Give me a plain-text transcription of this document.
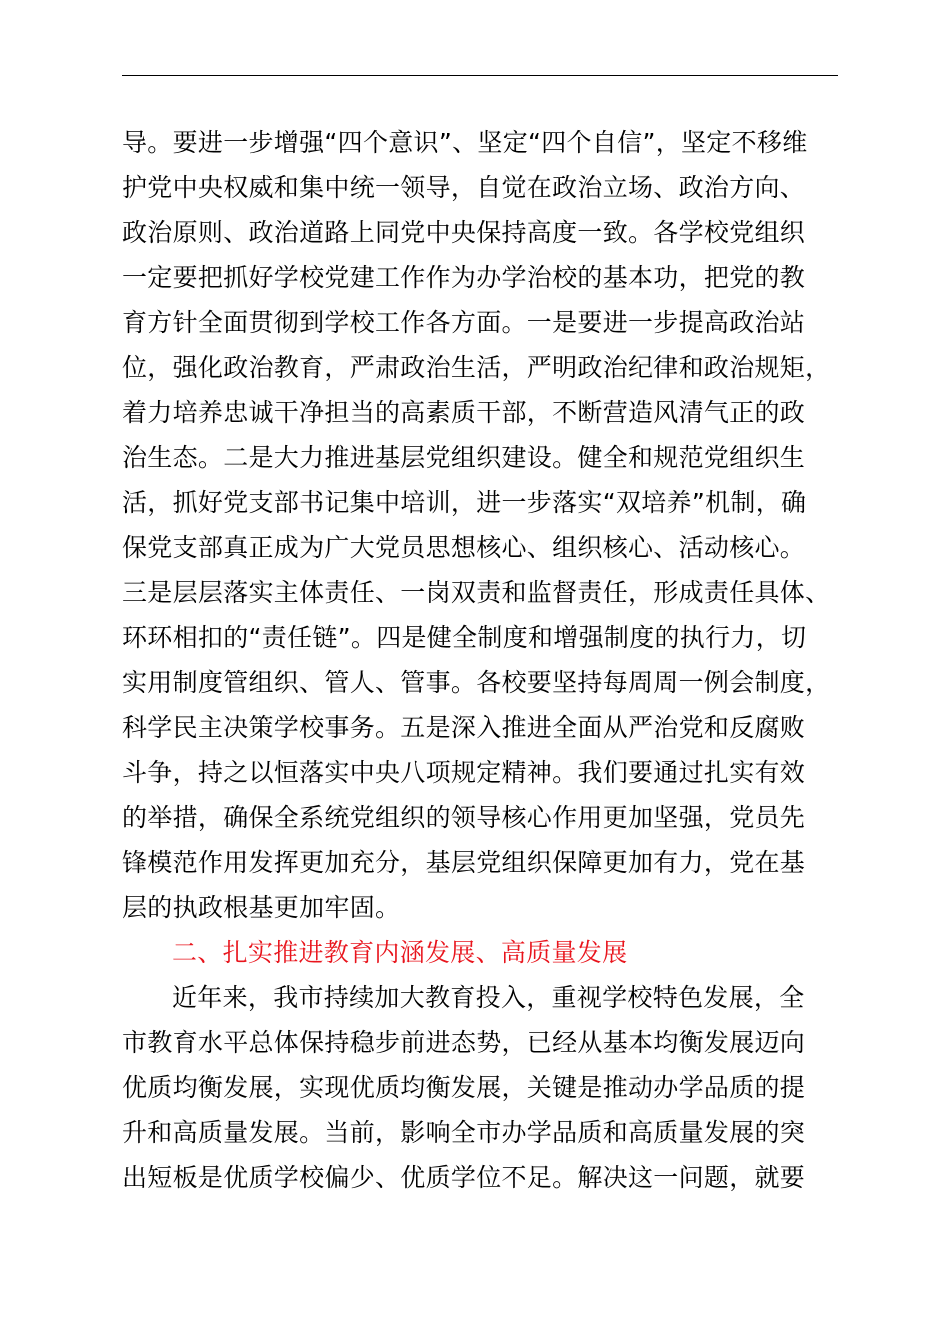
导。要进一步增强“四个意识”、坚定“四个自信”，坚定不移维
护党中央权威和集中统一领导，自觉在政治立场、政治方向、
政治原则、政治道路上同党中央保持高度一致。各学校党组织
一定要把抓好学校党建工作作为办学治校的基本功，把党的教
育方针全面贯彻到学校工作各方面。一是要进一步提高政治站
位，强化政治教育，严肃政治生活，严明政治纪律和政治规矩，
着力培养忠诚干净担当的高素质干部，不断营造风清气正的政
治生态。二是大力推进基层党组织建设。健全和规范党组织生
活，抓好党支部书记集中培训，进一步落实“双培养”机制，确
保党支部真正成为广大党员思想核心、组织核心、活动核心。
三是层层落实主体责任、一岗双责和监督责任，形成责任具体、
环环相扣的“责任链”。四是健全制度和增强制度的执行力，切
实用制度管组织、管人、管事。各校要坚持每周周一例会制度，
科学民主决策学校事务。五是深入推进全面从严治党和反腐败
斗争，持之以恒落实中央八项规定精神。我们要通过扎实有效
的举措，确保全系统党组织的领导核心作用更加坚强，党员先
锋模范作用发挥更加充分，基层党组织保障更加有力，党在基
层的执政根基更加牢固。
二、扎实推进教育内涵发展、高质量发展
近年来，我市持续加大教育投入，重视学校特色发展，全
市教育水平总体保持稳步前进态势，已经从基本均衡发展迈向
优质均衡发展，实现优质均衡发展，关键是推动办学品质的提
升和高质量发展。当前，影响全市办学品质和高质量发展的突
出短板是优质学校偏少、优质学位不足。解决这一问题，就要
